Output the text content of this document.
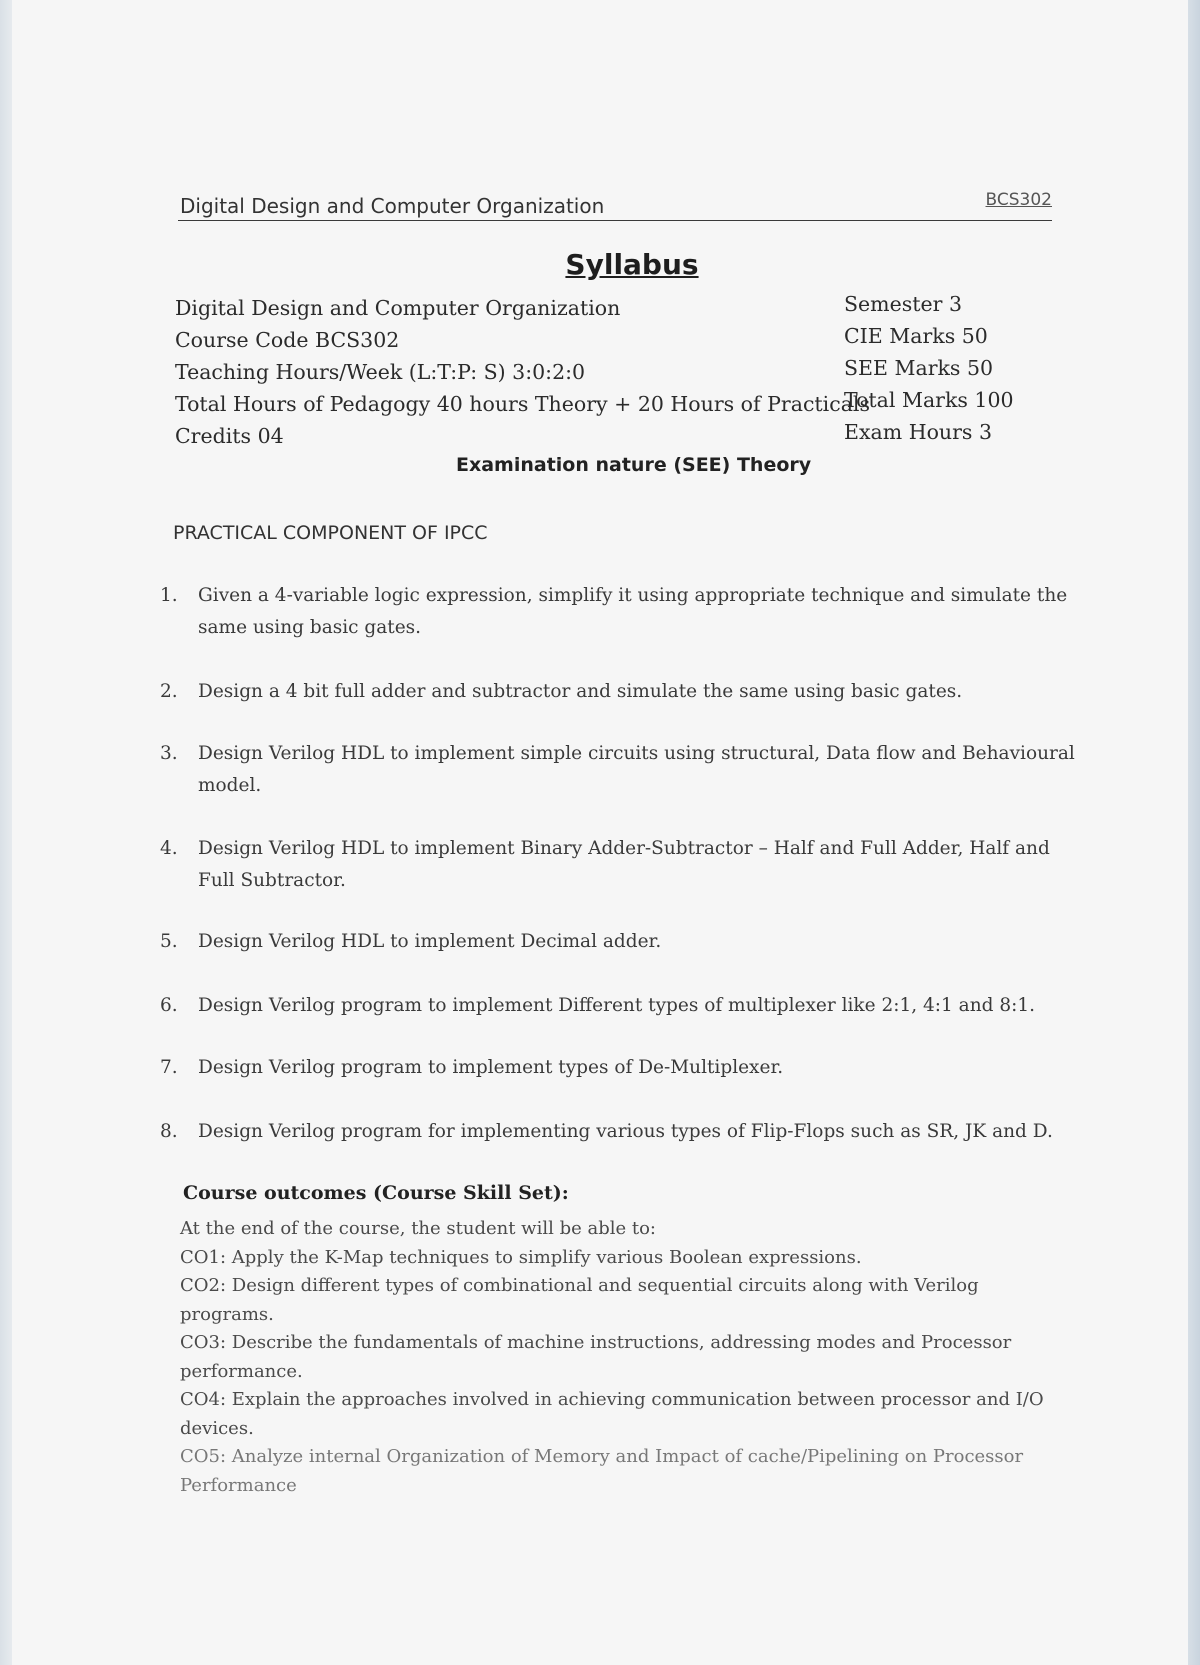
Digital Design and Computer Organization	BCS302
Syllabus
Digital Design and Computer Organization
Course Code BCS302
Teaching Hours/Week (L:T:P: S) 3:0:2:0
Total Hours of Pedagogy 40 hours Theory + 20 Hours of Practicals
Credits 04
Semester 3
CIE Marks 50
SEE Marks 50
Total Marks 100
Exam Hours 3
Examination nature (SEE) Theory
PRACTICAL COMPONENT OF IPCC
1.	Given a 4-variable logic expression, simplify it using appropriate technique and simulate the same using basic gates.
2.	Design a 4 bit full adder and subtractor and simulate the same using basic gates.
3.	Design Verilog HDL to implement simple circuits using structural, Data flow and Behavioural model.
4.	Design Verilog HDL to implement Binary Adder-Subtractor – Half and Full Adder, Half and Full Subtractor.
5.	Design Verilog HDL to implement Decimal adder.
6.	Design Verilog program to implement Different types of multiplexer like 2:1, 4:1 and 8:1.
7.	Design Verilog program to implement types of De-Multiplexer.
8.	Design Verilog program for implementing various types of Flip-Flops such as SR, JK and D.
Course outcomes (Course Skill Set):
At the end of the course, the student will be able to:
CO1: Apply the K-Map techniques to simplify various Boolean expressions.
CO2: Design different types of combinational and sequential circuits along with Verilog programs.
CO3: Describe the fundamentals of machine instructions, addressing modes and Processor performance.
CO4: Explain the approaches involved in achieving communication between processor and I/O devices.
CO5: Analyze internal Organization of Memory and Impact of cache/Pipelining on Processor Performance
